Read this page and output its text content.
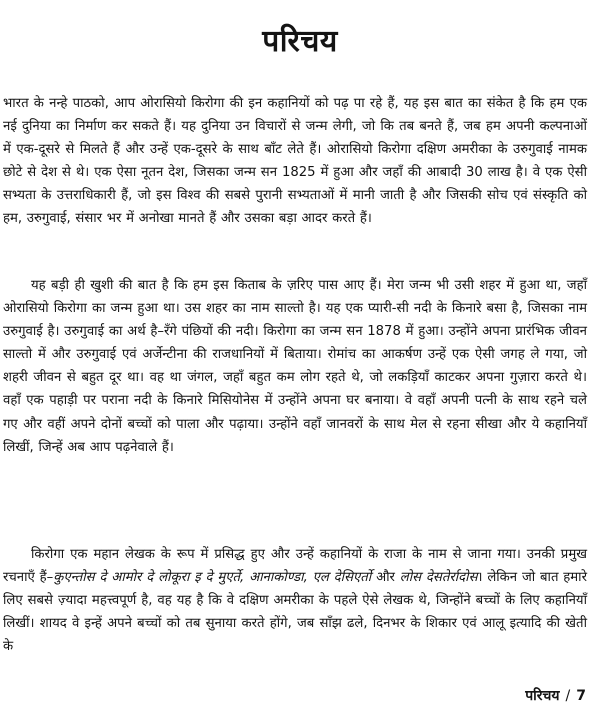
परिचय

भारत के नन्हे पाठको, आप ओरासियो किरोगा की इन कहानियों को पढ़ पा रहे हैं, यह इस बात का संकेत है कि हम एक नई दुनिया का निर्माण कर सकते हैं। यह दुनिया उन विचारों से जन्म लेगी, जो कि तब बनते हैं, जब हम अपनी कल्पनाओं में एक-दूसरे से मिलते हैं और उन्हें एक-दूसरे के साथ बाँट लेते हैं। ओरासियो किरोगा दक्षिण अमरीका के उरुगुवाई नामक छोटे से देश से थे। एक ऐसा नूतन देश, जिसका जन्म सन 1825 में हुआ और जहाँ की आबादी 30 लाख है। वे एक ऐसी सभ्यता के उत्तराधिकारी हैं, जो इस विश्व की सबसे पुरानी सभ्यताओं में मानी जाती है और जिसकी सोच एवं संस्कृति को हम, उरुगुवाई, संसार भर में अनोखा मानते हैं और उसका बड़ा आदर करते हैं।

यह बड़ी ही खुशी की बात है कि हम इस किताब के ज़रिए पास आए हैं। मेरा जन्म भी उसी शहर में हुआ था, जहाँ ओरासियो किरोगा का जन्म हुआ था। उस शहर का नाम साल्तो है। यह एक प्यारी-सी नदी के किनारे बसा है, जिसका नाम उरुगुवाई है। उरुगुवाई का अर्थ है–रँगे पंछियों की नदी। किरोगा का जन्म सन 1878 में हुआ। उन्होंने अपना प्रारंभिक जीवन साल्तो में और उरुगुवाई एवं अर्जेन्टीना की राजधानियों में बिताया। रोमांच का आकर्षण उन्हें एक ऐसी जगह ले गया, जो शहरी जीवन से बहुत दूर था। वह था जंगल, जहाँ बहुत कम लोग रहते थे, जो लकड़ियाँ काटकर अपना गुज़ारा करते थे। वहाँ एक पहाड़ी पर पराना नदी के किनारे मिसियोनेस में उन्होंने अपना घर बनाया। वे वहाँ अपनी पत्नी के साथ रहने चले गए और वहीं अपने दोनों बच्चों को पाला और पढ़ाया। उन्होंने वहाँ जानवरों के साथ मेल से रहना सीखा और ये कहानियाँ लिखीं, जिन्हें अब आप पढ़नेवाले हैं।

किरोगा एक महान लेखक के रूप में प्रसिद्ध हुए और उन्हें कहानियों के राजा के नाम से जाना गया। उनकी प्रमुख रचनाएँ हैं–कुएन्तोस दे आमोर दे लोकूरा इ दे मुएर्ते, आनाकोण्डा, एल देसिएर्तो और लोस देसतेर्रादोस। लेकिन जो बात हमारे लिए सबसे ज़्यादा महत्त्वपूर्ण है, वह यह है कि वे दक्षिण अमरीका के पहले ऐसे लेखक थे, जिन्होंने बच्चों के लिए कहानियाँ लिखीं। शायद वे इन्हें अपने बच्चों को तब सुनाया करते होंगे, जब साँझ ढले, दिनभर के शिकार एवं आलू इत्यादि की खेती के

परिचय / 7
